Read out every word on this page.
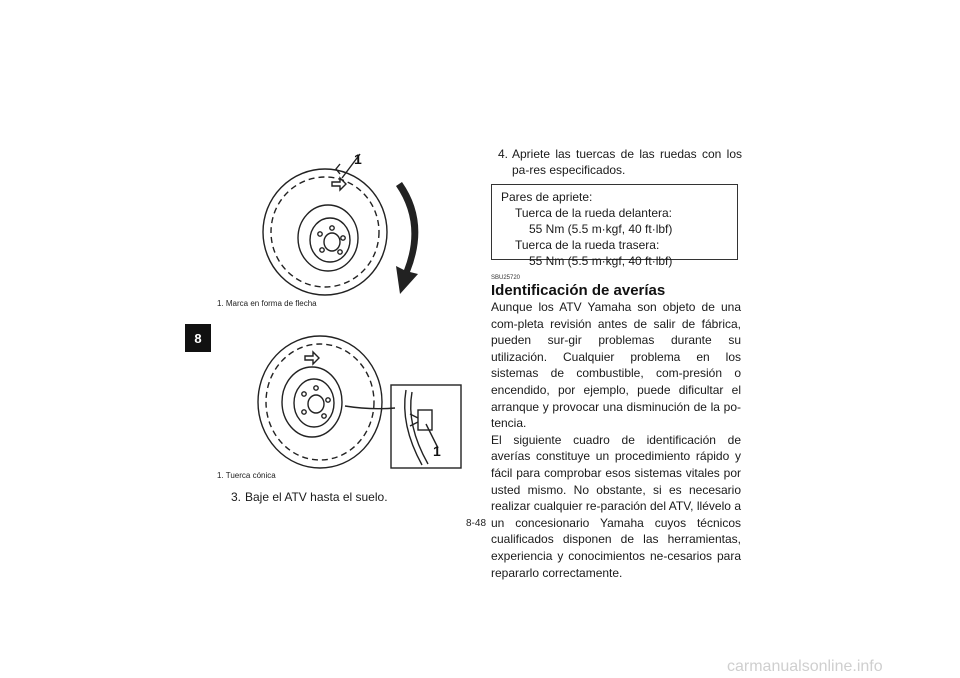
8
1
1. Marca en forma de flecha
1
1. Tuerca cónica
3. Baje el ATV hasta el suelo.
4. Apriete las tuercas de las ruedas con los pa-res especificados.
Pares de apriete:
Tuerca de la rueda delantera:
55 Nm (5.5 m·kgf, 40 ft·lbf)
Tuerca de la rueda trasera:
55 Nm (5.5 m·kgf, 40 ft·lbf)
SBU25720
Identificación de averías

Aunque los ATV Yamaha son objeto de una com-pleta revisión antes de salir de fábrica, pueden sur-gir problemas durante su utilización. Cualquier problema en los sistemas de combustible, com-presión o encendido, por ejemplo, puede dificultar el arranque y provocar una disminución de la po-tencia.

El siguiente cuadro de identificación de averías constituye un procedimiento rápido y fácil para comprobar esos sistemas vitales por usted mismo. No obstante, si es necesario realizar cualquier re-paración del ATV, llévelo a un concesionario Yamaha cuyos técnicos cualificados disponen de las herramientas, experiencia y conocimientos ne-cesarios para repararlo correctamente.

8-48
carmanualsonline.info
